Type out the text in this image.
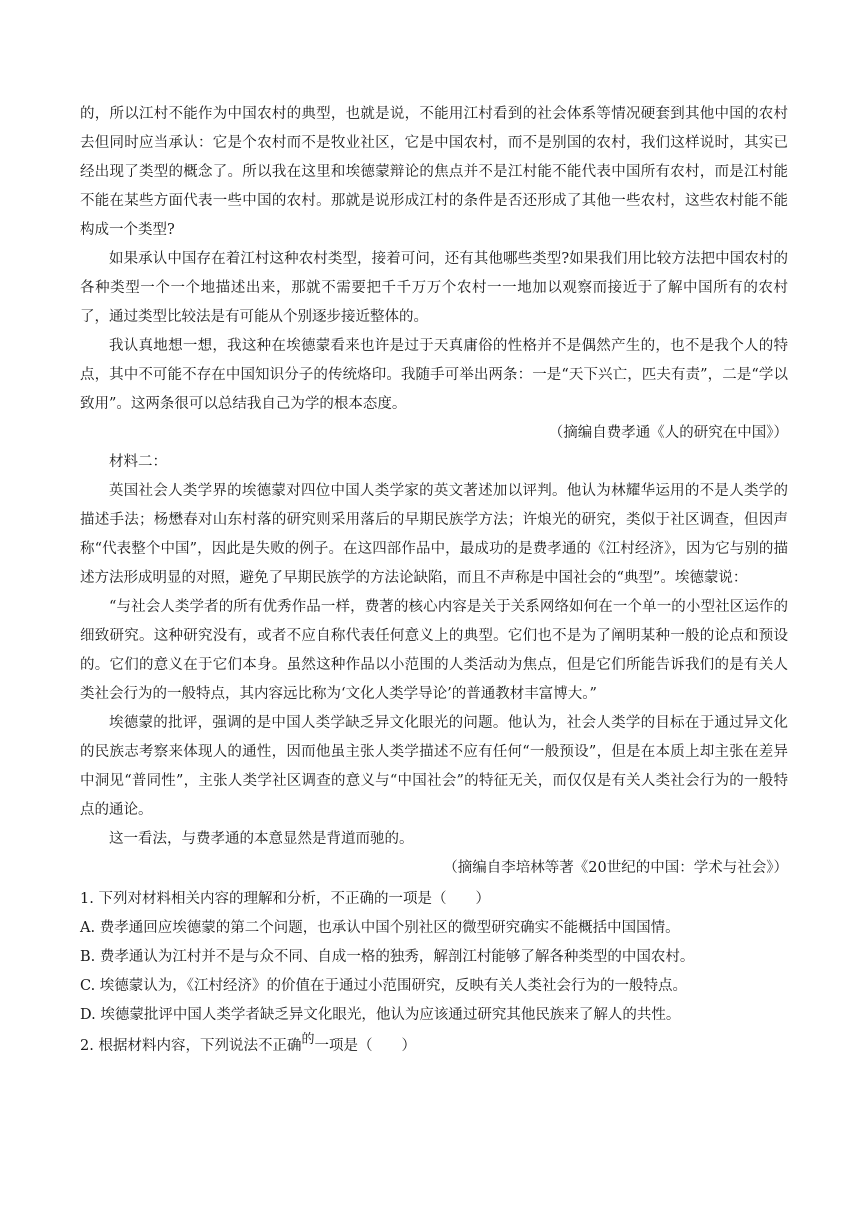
的，所以江村不能作为中国农村的典型，也就是说，不能用江村看到的社会体系等情况硬套到其他中国的农村去但同时应当承认：它是个农村而不是牧业社区，它是中国农村，而不是别国的农村，我们这样说时，其实已经出现了类型的概念了。所以我在这里和埃德蒙辩论的焦点并不是江村能不能代表中国所有农村，而是江村能不能在某些方面代表一些中国的农村。那就是说形成江村的条件是否还形成了其他一些农村，这些农村能不能构成一个类型?

如果承认中国存在着江村这种农村类型，接着可问，还有其他哪些类型?如果我们用比较方法把中国农村的各种类型一个一个地描述出来，那就不需要把千千万万个农村一一地加以观察而接近于了解中国所有的农村了，通过类型比较法是有可能从个别逐步接近整体的。

我认真地想一想，我这种在埃德蒙看来也许是过于天真庸俗的性格并不是偶然产生的，也不是我个人的特点，其中不可能不存在中国知识分子的传统烙印。我随手可举出两条：一是“天下兴亡，匹夫有责”，二是“学以致用”。这两条很可以总结我自己为学的根本态度。

（摘编自费孝通《人的研究在中国》）

材料二：

英国社会人类学界的埃德蒙对四位中国人类学家的英文著述加以评判。他认为林耀华运用的不是人类学的描述手法；杨懋春对山东村落的研究则采用落后的早期民族学方法；许烺光的研究，类似于社区调查，但因声称“代表整个中国”，因此是失败的例子。在这四部作品中，最成功的是费孝通的《江村经济》，因为它与别的描述方法形成明显的对照，避免了早期民族学的方法论缺陷，而且不声称是中国社会的“典型”。埃德蒙说：

“与社会人类学者的所有优秀作品一样，费著的核心内容是关于关系网络如何在一个单一的小型社区运作的细致研究。这种研究没有，或者不应自称代表任何意义上的典型。它们也不是为了阐明某种一般的论点和预设的。它们的意义在于它们本身。虽然这种作品以小范围的人类活动为焦点，但是它们所能告诉我们的是有关人类社会行为的一般特点，其内容远比称为‘文化人类学导论’的普通教材丰富博大。”

埃德蒙的批评，强调的是中国人类学缺乏异文化眼光的问题。他认为，社会人类学的目标在于通过异文化的民族志考察来体现人的通性，因而他虽主张人类学描述不应有任何“一般预设”，但是在本质上却主张在差异中洞见“普同性”，主张人类学社区调查的意义与“中国社会”的特征无关，而仅仅是有关人类社会行为的一般特点的通论。

这一看法，与费孝通的本意显然是背道而驰的。

（摘编自李培林等著《20世纪的中国：学术与社会》）

1. 下列对材料相关内容的理解和分析，不正确的一项是（　　）

A. 费孝通回应埃德蒙的第二个问题，也承认中国个别社区的微型研究确实不能概括中国国情。

B. 费孝通认为江村并不是与众不同、自成一格的独秀，解剖江村能够了解各种类型的中国农村。

C. 埃德蒙认为，《江村经济》的价值在于通过小范围研究，反映有关人类社会行为的一般特点。

D. 埃德蒙批评中国人类学者缺乏异文化眼光，他认为应该通过研究其他民族来了解人的共性。

2. 根据材料内容，下列说法不正确的一项是（　　）
